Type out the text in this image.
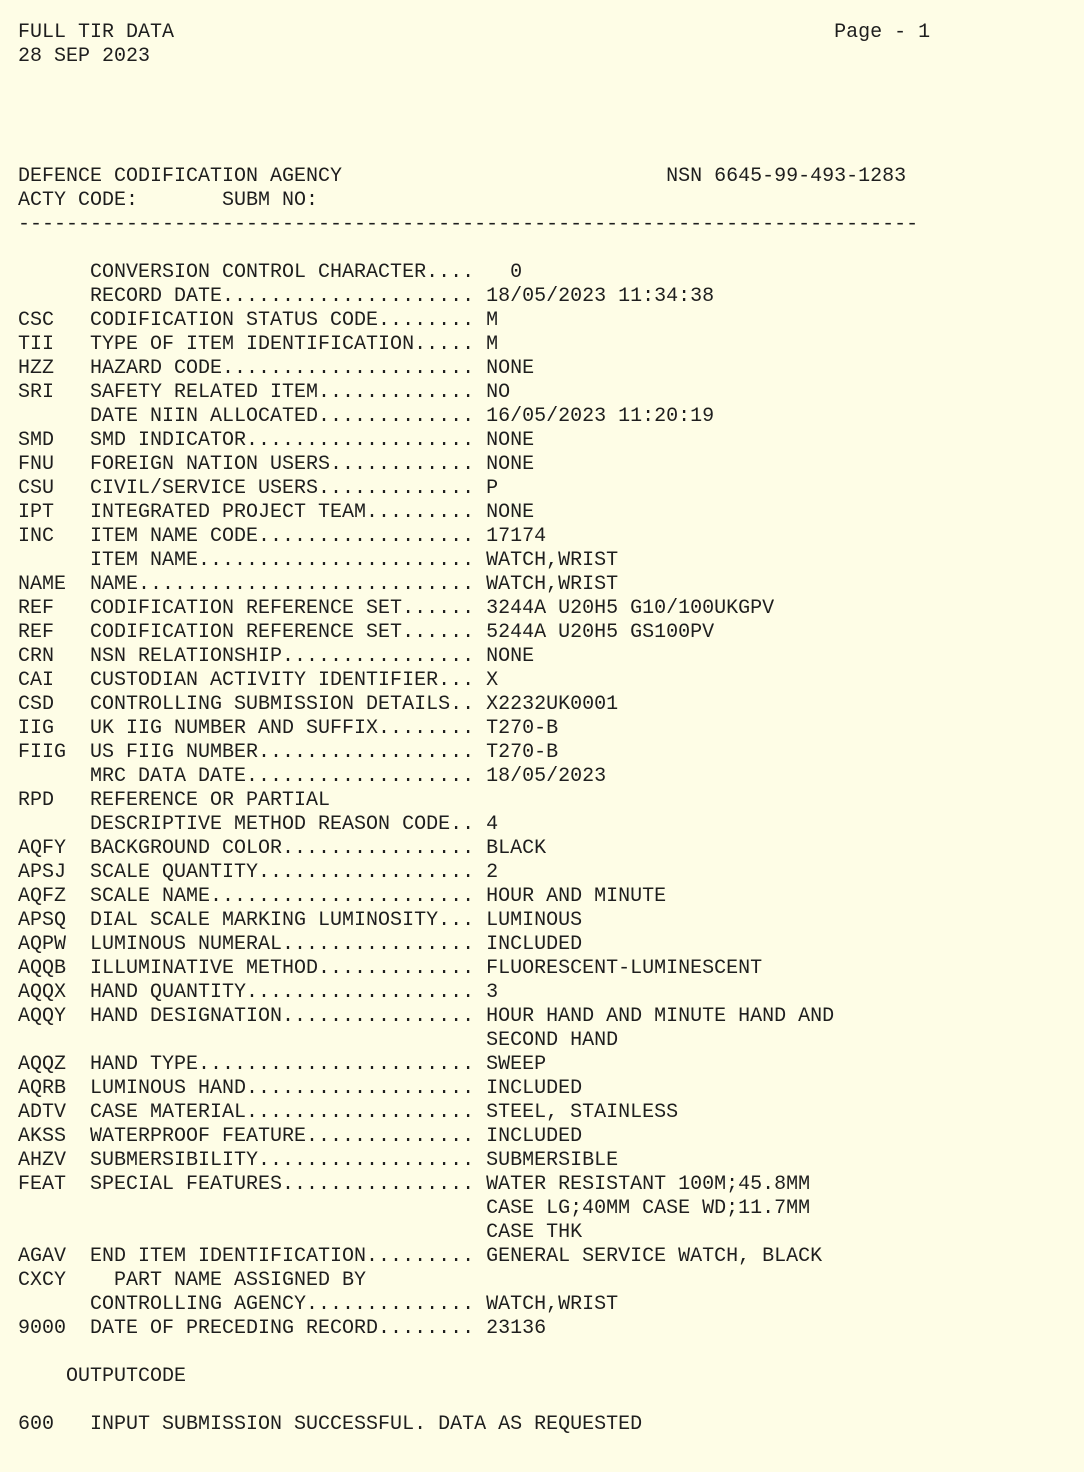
FULL TIR DATA                                                       Page - 1
28 SEP 2023
DEFENCE CODIFICATION AGENCY                           NSN 6645-99-493-1283
ACTY CODE:       SUBM NO:
---------------------------------------------------------------------------
CONVERSION CONTROL CHARACTER....   0
RECORD DATE..................... 18/05/2023 11:34:38
CSC   CODIFICATION STATUS CODE........ M
TII   TYPE OF ITEM IDENTIFICATION..... M
HZZ   HAZARD CODE..................... NONE
SRI   SAFETY RELATED ITEM............. NO
DATE NIIN ALLOCATED............. 16/05/2023 11:20:19
SMD   SMD INDICATOR................... NONE
FNU   FOREIGN NATION USERS............ NONE
CSU   CIVIL/SERVICE USERS............. P
IPT   INTEGRATED PROJECT TEAM......... NONE
INC   ITEM NAME CODE.................. 17174
ITEM NAME....................... WATCH,WRIST
NAME  NAME............................ WATCH,WRIST
REF   CODIFICATION REFERENCE SET...... 3244A U20H5 G10/100UKGPV
REF   CODIFICATION REFERENCE SET...... 5244A U20H5 GS100PV
CRN   NSN RELATIONSHIP................ NONE
CAI   CUSTODIAN ACTIVITY IDENTIFIER... X
CSD   CONTROLLING SUBMISSION DETAILS.. X2232UK0001
IIG   UK IIG NUMBER AND SUFFIX........ T270-B
FIIG  US FIIG NUMBER.................. T270-B
MRC DATA DATE................... 18/05/2023
RPD   REFERENCE OR PARTIAL
DESCRIPTIVE METHOD REASON CODE.. 4
AQFY  BACKGROUND COLOR................ BLACK
APSJ  SCALE QUANTITY.................. 2
AQFZ  SCALE NAME...................... HOUR AND MINUTE
APSQ  DIAL SCALE MARKING LUMINOSITY... LUMINOUS
AQPW  LUMINOUS NUMERAL................ INCLUDED
AQQB  ILLUMINATIVE METHOD............. FLUORESCENT-LUMINESCENT
AQQX  HAND QUANTITY................... 3
AQQY  HAND DESIGNATION................ HOUR HAND AND MINUTE HAND AND
SECOND HAND
AQQZ  HAND TYPE....................... SWEEP
AQRB  LUMINOUS HAND................... INCLUDED
ADTV  CASE MATERIAL................... STEEL, STAINLESS
AKSS  WATERPROOF FEATURE.............. INCLUDED
AHZV  SUBMERSIBILITY.................. SUBMERSIBLE
FEAT  SPECIAL FEATURES................ WATER RESISTANT 100M;45.8MM
CASE LG;40MM CASE WD;11.7MM
CASE THK
AGAV  END ITEM IDENTIFICATION......... GENERAL SERVICE WATCH, BLACK
CXCY    PART NAME ASSIGNED BY
CONTROLLING AGENCY.............. WATCH,WRIST
9000  DATE OF PRECEDING RECORD........ 23136
OUTPUTCODE
600   INPUT SUBMISSION SUCCESSFUL. DATA AS REQUESTED
